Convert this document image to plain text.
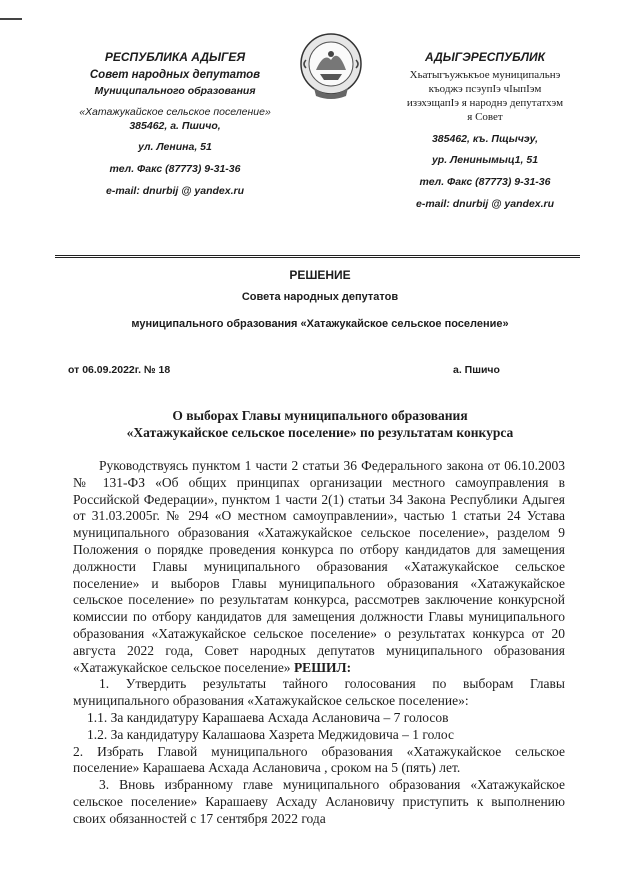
РЕСПУБЛИКА АДЫГЕЯ
Совет народных депутатов
Муниципального образования
«Хатажукайское сельское поселение»
385462, а. Пшичо,
ул. Ленина, 51
тел. Факс (87773) 9-31-36
e-mail: dnurbij @ yandex.ru
АДЫГЭРЕСПУБЛИК
Хьатыгъужъкъое муниципальнэ
къоджэ псэупIэ чIыпIэм
изэхэщапIэ я народнэ депутатхэм
я Совет
385462, къ. Пщычэу,
ур. Ленинымыц1, 51
тел. Факс (87773) 9-31-36
e-mail: dnurbij @ yandex.ru
РЕШЕНИЕ
Совета народных депутатов
муниципального образования «Хатажукайское сельское поселение»
от 06.09.2022г. № 18	а. Пшичо
О выборах Главы муниципального образования
«Хатажукайское сельское поселение» по результатам конкурса

Руководствуясь пунктом 1 части 2 статьи 36 Федерального закона от 06.10.2003 № 131-ФЗ «Об общих принципах организации местного самоуправления в Российской Федерации», пунктом 1 части 2(1) статьи 34 Закона Республики Адыгея от 31.03.2005г. № 294 «О местном самоуправлении», частью 1 статьи 24 Устава муниципального образования «Хатажукайское сельское поселение», разделом 9 Положения о порядке проведения конкурса по отбору кандидатов для замещения должности Главы муниципального образования «Хатажукайское сельское поселение» и выборов Главы муниципального образования «Хатажукайское сельское поселение» по результатам конкурса, рассмотрев заключение конкурсной комиссии по отбору кандидатов для замещения должности Главы муниципального образования «Хатажукайское сельское поселение» о результатах конкурса от 20 августа 2022 года, Совет народных депутатов муниципального образования «Хатажукайское сельское поселение» РЕШИЛ:

1. Утвердить результаты тайного голосования по выборам Главы муниципального образования «Хатажукайское сельское поселение»:

1.1. За кандидатуру Карашаева Асхада Аслановича – 7 голосов

1.2. За кандидатуру Калашаова Хазрета Меджидовича – 1 голос

2. Избрать Главой муниципального образования «Хатажукайское сельское поселение» Карашаева Асхада Аслановича , сроком на 5 (пять) лет.

3. Вновь избранному главе муниципального образования «Хатажукайское сельское поселение» Карашаеву Асхаду Аслановичу приступить к выполнению своих обязанностей с 17 сентября 2022 года
